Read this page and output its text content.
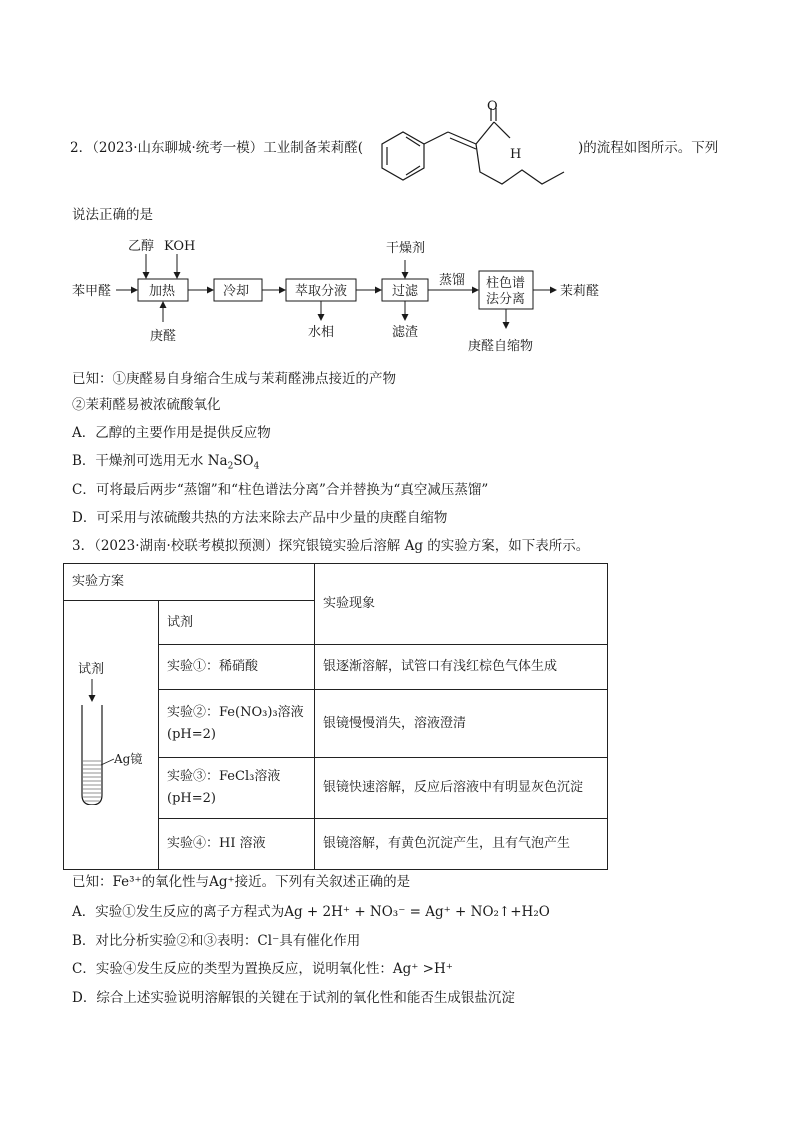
2．（2023·山东聊城·统考一模）工业制备茉莉醛(	)的流程如图所示。下列
O
H
说法正确的是
苯甲醛
乙醇 KOH
庚醛
加热	冷却	萃取分液	过滤
柱色谱
法分离
干燥剂
蒸馏
水相	滤渣
庚醛自缩物
茉莉醛
已知：①庚醛易自身缩合生成与茉莉醛沸点接近的产物
②茉莉醛易被浓硫酸氧化
A．乙醇的主要作用是提供反应物
B．干燥剂可选用无水 $Na_2SO_4$
C．可将最后两步“蒸馏”和“柱色谱法分离”合并替换为“真空减压蒸馏”
D．可采用与浓硫酸共热的方法来除去产品中少量的庚醛自缩物
3．（2023·湖南·校联考模拟预测）探究银镜实验后溶解 Ag 的实验方案，如下表所示。
实验方案		实验现象
	试剂	
	实验①：稀硝酸	银逐渐溶解，试管口有浅红棕色气体生成
	实验②：Fe(NO₃)₃溶液
(pH=2)	银镜慢慢消失，溶液澄清
	实验③：FeCl₃溶液
(pH=2)	银镜快速溶解，反应后溶液中有明显灰色沉淀
	实验④：HI 溶液	银镜溶解，有黄色沉淀产生，且有气泡产生
试剂
Ag镜
已知：Fe³⁺的氧化性与Ag⁺接近。下列有关叙述正确的是
A．实验①发生反应的离子方程式为Ag + 2H⁺ + NO₃⁻ = Ag⁺ + NO₂↑+H₂O
B．对比分析实验②和③表明：Cl⁻具有催化作用
C．实验④发生反应的类型为置换反应，说明氧化性：Ag⁺ >H⁺
D．综合上述实验说明溶解银的关键在于试剂的氧化性和能否生成银盐沉淀
